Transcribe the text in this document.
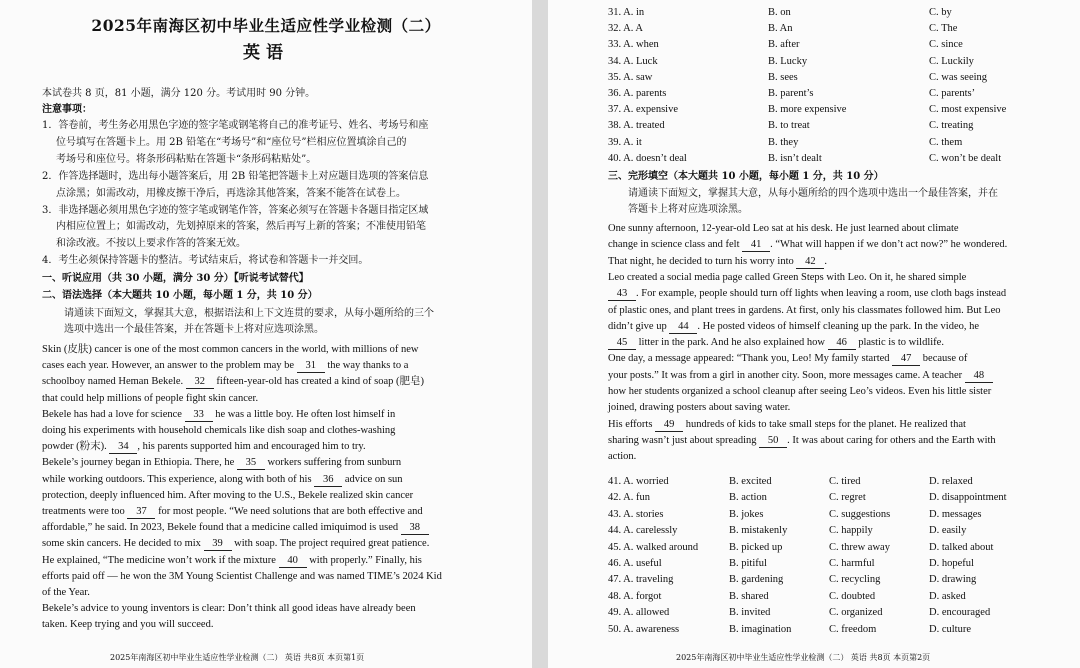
2025年南海区初中毕业生适应性学业检测（二）
英语
本试卷共 8 页，81 小题，满分 120 分。考试用时 90 分钟。
注意事项：
1．答卷前，考生务必用黑色字迹的签字笔或钢笔将自己的准考证号、姓名、考场号和座
位号填写在答题卡上。用 2B 铅笔在“考场号”和“座位号”栏相应位置填涂自己的
考场号和座位号。将条形码粘贴在答题卡“条形码粘贴处”。
2．作答选择题时，选出每小题答案后，用 2B 铅笔把答题卡上对应题目选项的答案信息
点涂黑；如需改动，用橡皮擦干净后，再选涂其他答案，答案不能答在试卷上。
3．非选择题必须用黑色字迹的签字笔或钢笔作答，答案必须写在答题卡各题目指定区域
内相应位置上；如需改动，先划掉原来的答案，然后再写上新的答案；不准使用铅笔
和涂改液。不按以上要求作答的答案无效。
4．考生必须保持答题卡的整洁。考试结束后，将试卷和答题卡一并交回。
一、听说应用（共 30 小题，满分 30 分）【听说考试替代】
二、语法选择（本大题共 10 小题，每小题 1 分，共 10 分）
请通读下面短文，掌握其大意，根据语法和上下文连贯的要求，从每小题所给的三个
选项中选出一个最佳答案，并在答题卡上将对应选项涂黑。
Skin (皮肤) cancer is one of the most common cancers in the world, with millions of new
cases each year. However, an answer to the problem may be 31 the way thanks to a
schoolboy named Heman Bekele. 32 fifteen-year-old has created a kind of soap (肥皂)
that could help millions of people fight skin cancer.
Bekele has had a love for science 33 he was a little boy. He often lost himself in
doing his experiments with household chemicals like dish soap and clothes-washing
powder (粉末). 34 , his parents supported him and encouraged him to try.
Bekele’s journey began in Ethiopia. There, he 35 workers suffering from sunburn
while working outdoors. This experience, along with both of his 36 advice on sun
protection, deeply influenced him. After moving to the U.S., Bekele realized skin cancer
treatments were too 37 for most people. “We need solutions that are both effective and
affordable,” he said. In 2023, Bekele found that a medicine called imiquimod is used 38
some skin cancers. He decided to mix 39 with soap. The project required great patience.
He explained, “The medicine won’t work if the mixture 40 with properly.” Finally, his
efforts paid off — he won the 3M Young Scientist Challenge and was named TIME’s 2024 Kid
of the Year.
Bekele’s advice to young inventors is clear: Don’t think all good ideas have already been
taken. Keep trying and you will succeed.
2025年南海区初中毕业生适应性学业检测（二） 英语 共8页 本页第1页
31. A. in	B. on	C. by
32. A. A	B. An	C. The
33. A. when	B. after	C. since
34. A. Luck	B. Lucky	C. Luckily
35. A. saw	B. sees	C. was seeing
36. A. parents	B. parent’s	C. parents’
37. A. expensive	B. more expensive	C. most expensive
38. A. treated	B. to treat	C. treating
39. A. it	B. they	C. them
40. A. doesn’t deal	B. isn’t dealt	C. won’t be dealt
三、完形填空（本大题共 10 小题，每小题 1 分，共 10 分）
请通读下面短文，掌握其大意，从每小题所给的四个选项中选出一个最佳答案，并在
答题卡上将对应选项涂黑。
One sunny afternoon, 12-year-old Leo sat at his desk. He just learned about climate
change in science class and felt 41 . “What will happen if we don’t act now?” he wondered.
That night, he decided to turn his worry into 42 .
Leo created a social media page called Green Steps with Leo. On it, he shared simple
43 . For example, people should turn off lights when leaving a room, use cloth bags instead
of plastic ones, and plant trees in gardens. At first, only his classmates followed him. But Leo
didn’t give up 44 . He posted videos of himself cleaning up the park. In the video, he
45 litter in the park. And he also explained how 46 plastic is to wildlife.
One day, a message appeared: “Thank you, Leo! My family started 47 because of
your posts.” It was from a girl in another city. Soon, more messages came. A teacher 48
how her students organized a school cleanup after seeing Leo’s videos. Even his little sister
joined, drawing posters about saving water.
His efforts 49 hundreds of kids to take small steps for the planet. He realized that
sharing wasn’t just about spreading 50 . It was about caring for others and the Earth with
action.
41. A. worried	B. excited	C. tired	D. relaxed
42. A. fun	B. action	C. regret	D. disappointment
43. A. stories	B. jokes	C. suggestions	D. messages
44. A. carelessly	B. mistakenly	C. happily	D. easily
45. A. walked around	B. picked up	C. threw away	D. talked about
46. A. useful	B. pitiful	C. harmful	D. hopeful
47. A. traveling	B. gardening	C. recycling	D. drawing
48. A. forgot	B. shared	C. doubted	D. asked
49. A. allowed	B. invited	C. organized	D. encouraged
50. A. awareness	B. imagination	C. freedom	D. culture
2025年南海区初中毕业生适应性学业检测（二） 英语 共8页 本页第2页
